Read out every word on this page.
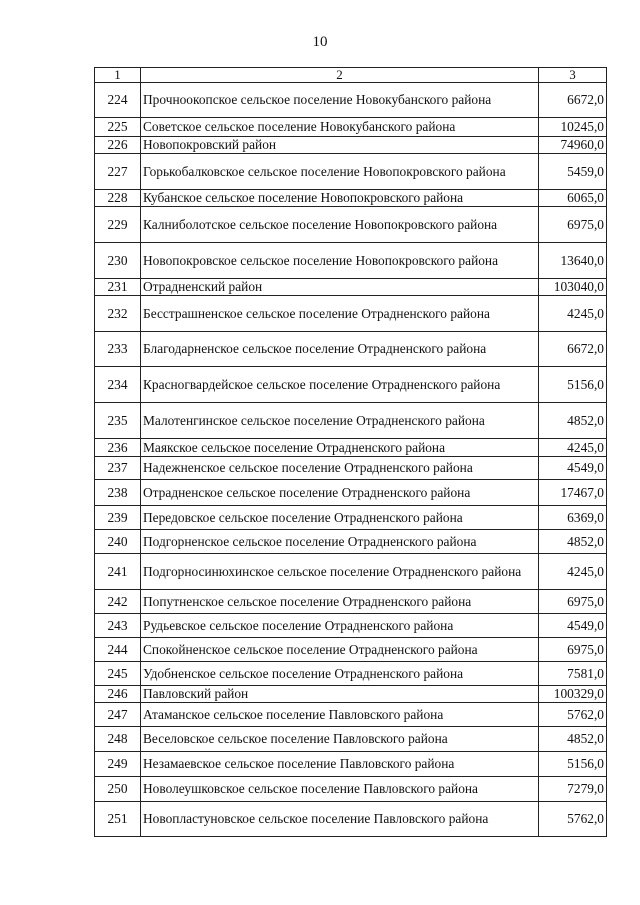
10
1	2	3
224	Прочноокопское сельское поселение Новокубанского района	6672,0
225	Советское сельское поселение Новокубанского района	10245,0
226	Новопокровский район	74960,0
227	Горькобалковское сельское поселение Новопокровского района	5459,0
228	Кубанское сельское поселение Новопокровского района	6065,0
229	Калниболотское сельское поселение Новопокровского района	6975,0
230	Новопокровское сельское поселение Новопокровского района	13640,0
231	Отрадненский район	103040,0
232	Бесстрашненское сельское поселение Отрадненского района	4245,0
233	Благодарненское сельское поселение Отрадненского района	6672,0
234	Красногвардейское сельское поселение Отрадненского района	5156,0
235	Малотенгинское сельское поселение Отрадненского района	4852,0
236	Маякское сельское поселение Отрадненского района	4245,0
237	Надежненское сельское поселение Отрадненского района	4549,0
238	Отрадненское сельское поселение Отрадненского района	17467,0
239	Передовское сельское поселение Отрадненского района	6369,0
240	Подгорненское сельское поселение Отрадненского района	4852,0
241	Подгорносинюхинское сельское поселение Отрадненского района	4245,0
242	Попутненское сельское поселение Отрадненского района	6975,0
243	Рудьевское сельское поселение Отрадненского района	4549,0
244	Спокойненское сельское поселение Отрадненского района	6975,0
245	Удобненское сельское поселение Отрадненского района	7581,0
246	Павловский район	100329,0
247	Атаманское сельское поселение Павловского района	5762,0
248	Веселовское сельское поселение Павловского района	4852,0
249	Незамаевское сельское поселение Павловского района	5156,0
250	Новолеушковское сельское поселение Павловского района	7279,0
251	Новопластуновское сельское поселение Павловского района	5762,0
